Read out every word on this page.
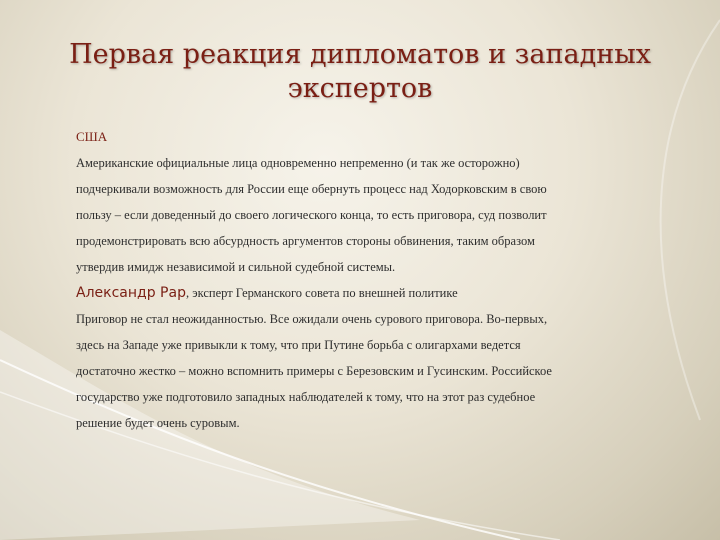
Первая реакция дипломатов и западных
экспертов
США

Американские официальные лица одновременно непременно (и так же осторожно)
подчеркивали возможность для России еще обернуть процесс над Ходорковским в свою
пользу – если доведенный до своего логического конца, то есть приговора, суд позволит
продемонстрировать всю абсурдность аргументов стороны обвинения, таким образом
утвердив имидж независимой и сильной судебной системы.

Александр Рар, эксперт Германского совета по внешней политике

Приговор не стал неожиданностью. Все ожидали очень сурового приговора. Во-первых,
здесь на Западе уже привыкли к тому, что при Путине борьба с олигархами ведется
достаточно жестко – можно вспомнить примеры с Березовским и Гусинским. Российское
государство уже подготовило западных наблюдателей к тому, что на этот раз судебное
решение будет очень суровым.
